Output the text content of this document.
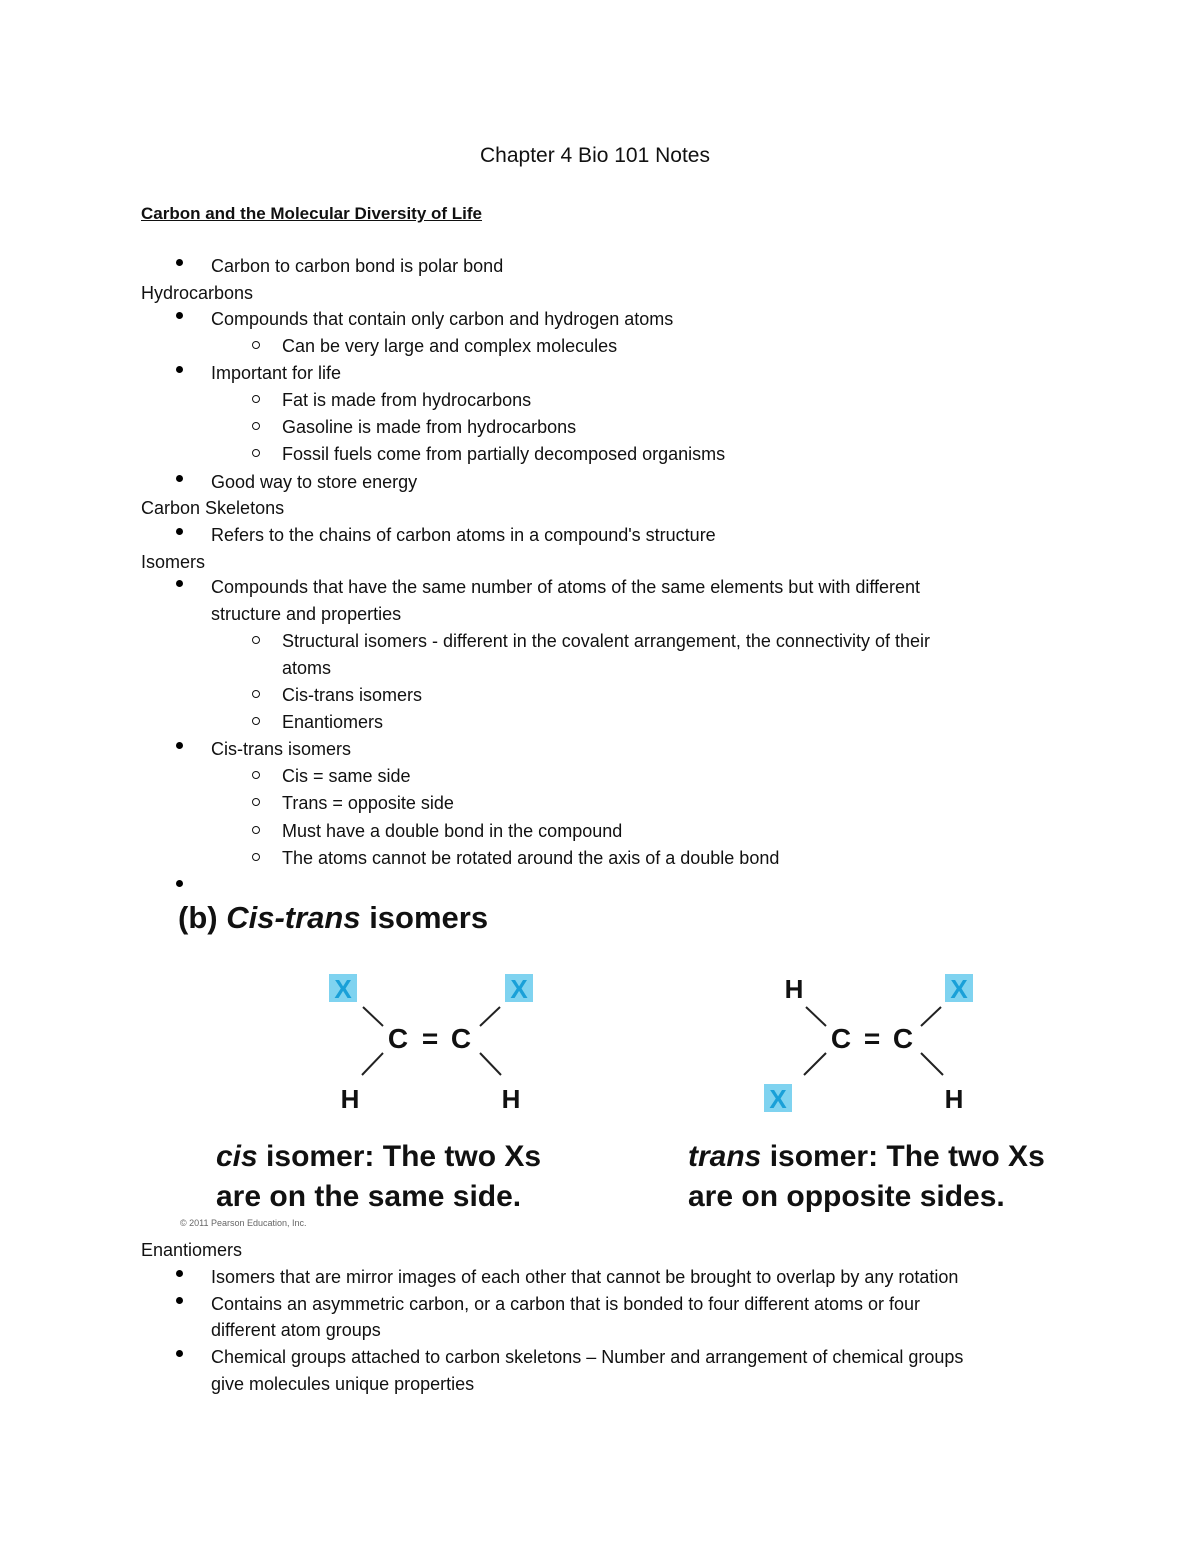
Chapter 4 Bio 101 Notes
Carbon and the Molecular Diversity of Life
Carbon to carbon bond is polar bond
Hydrocarbons
Compounds that contain only carbon and hydrogen atoms
Can be very large and complex molecules
Important for life
Fat is made from hydrocarbons
Gasoline is made from hydrocarbons
Fossil fuels come from partially decomposed organisms
Good way to store energy
Carbon Skeletons
Refers to the chains of carbon atoms in a compound's structure
Isomers
Compounds that have the same number of atoms of the same elements but with different
structure and properties
Structural isomers - different in the covalent arrangement, the connectivity of their
atoms
Cis-trans isomers
Enantiomers
Cis-trans isomers
Cis = same side
Trans = opposite side
Must have a double bond in the compound
The atoms cannot be rotated around the axis of a double bond
(b) Cis-trans isomers
X	X
C = C
H	H
H	X
C = C
X	H
cis isomer: The two Xs
are on the same side.
trans isomer: The two Xs
are on opposite sides.
© 2011 Pearson Education, Inc.
Enantiomers
Isomers that are mirror images of each other that cannot be brought to overlap by any rotation
Contains an asymmetric carbon, or a carbon that is bonded to four different atoms or four
different atom groups
Chemical groups attached to carbon skeletons – Number and arrangement of chemical groups
give molecules unique properties
